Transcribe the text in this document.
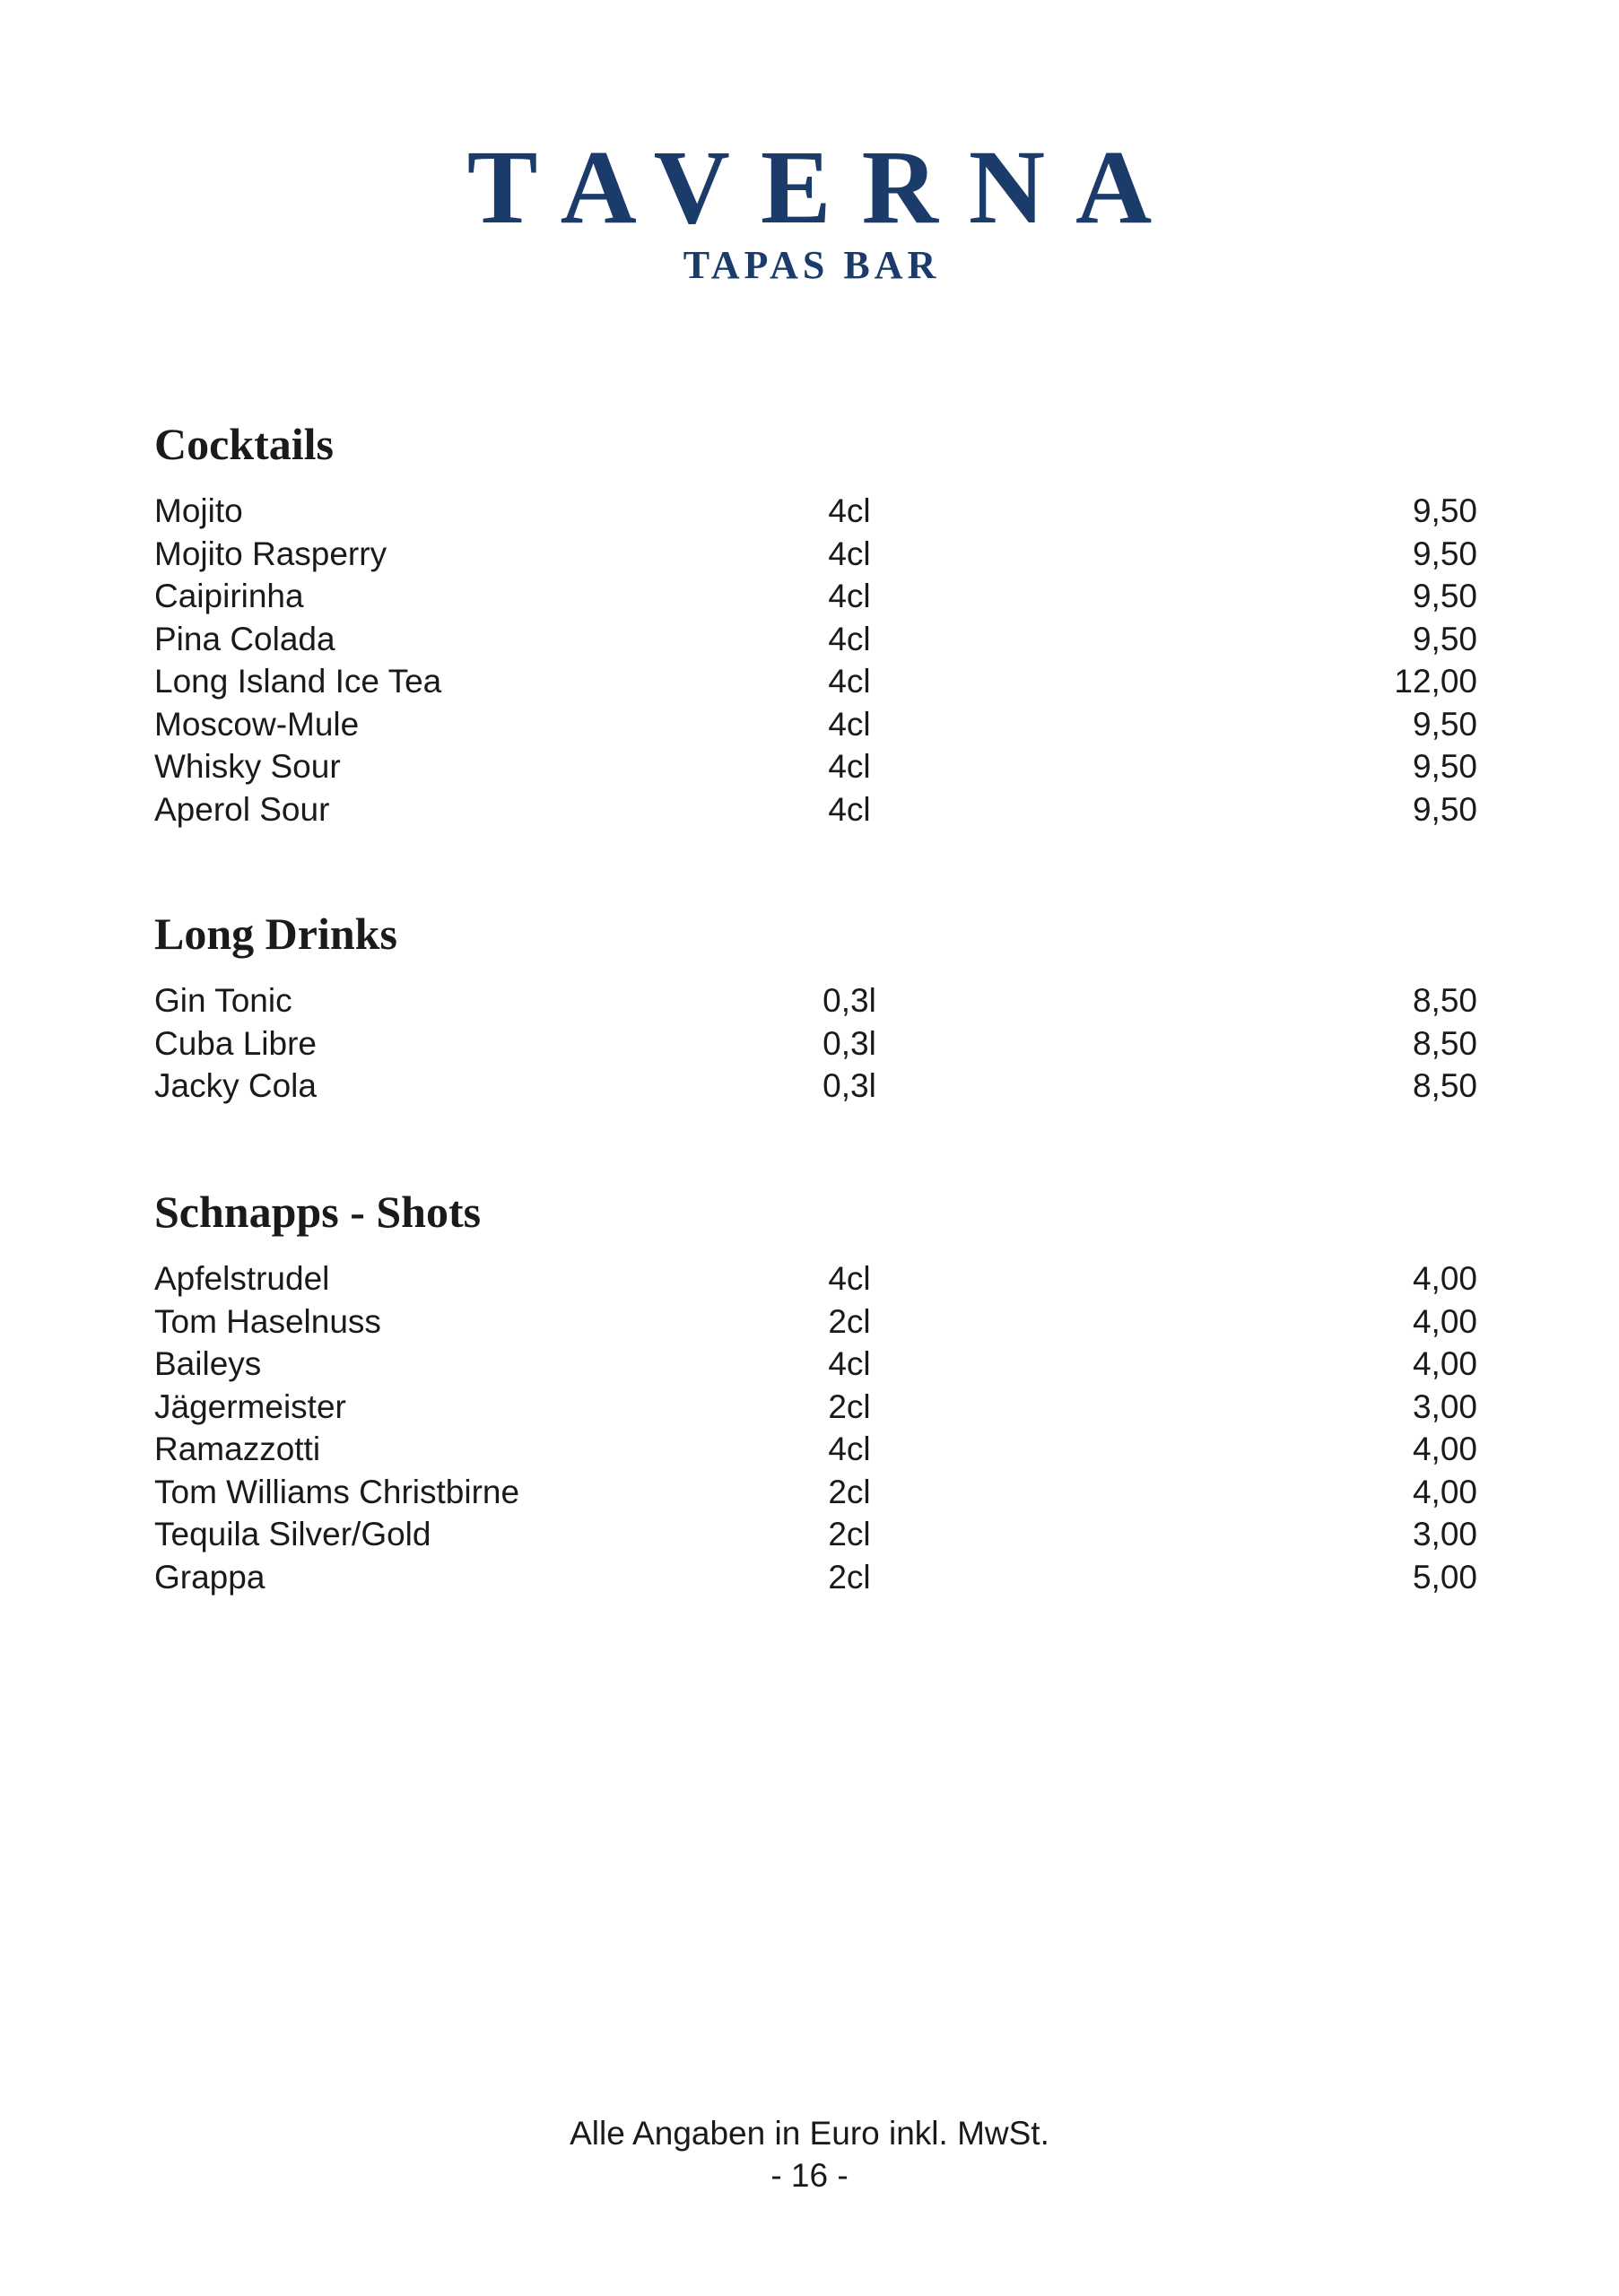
TAVERNA
TAPAS BAR
Cocktails
Mojito	4cl	9,50
Mojito Rasperry	4cl	9,50
Caipirinha	4cl	9,50
Pina Colada	4cl	9,50
Long Island Ice Tea	4cl	12,00
Moscow-Mule	4cl	9,50
Whisky Sour	4cl	9,50
Aperol Sour	4cl	9,50
Long Drinks
Gin Tonic	0,3l	8,50
Cuba Libre	0,3l	8,50
Jacky Cola	0,3l	8,50
Schnapps - Shots
Apfelstrudel	4cl	4,00
Tom Haselnuss	2cl	4,00
Baileys	4cl	4,00
Jägermeister	2cl	3,00
Ramazzotti	4cl	4,00
Tom Williams Christbirne	2cl	4,00
Tequila Silver/Gold	2cl	3,00
Grappa	2cl	5,00
Alle Angaben in Euro inkl. MwSt.
- 16 -
